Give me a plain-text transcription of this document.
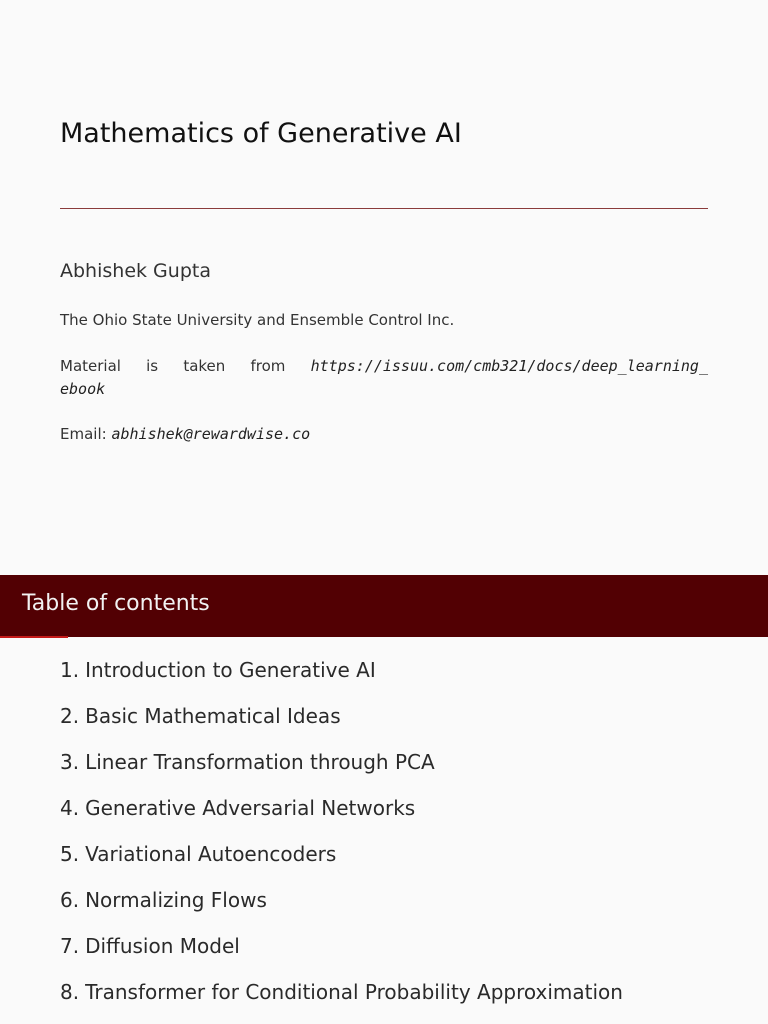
Mathematics of Generative AI
Abhishek Gupta
The Ohio State University and Ensemble Control Inc.
Material is taken from https://issuu.com/cmb321/docs/deep_learning_
ebook
Email: abhishek@rewardwise.co
Table of contents
1. Introduction to Generative AI
2. Basic Mathematical Ideas
3. Linear Transformation through PCA
4. Generative Adversarial Networks
5. Variational Autoencoders
6. Normalizing Flows
7. Diffusion Model
8. Transformer for Conditional Probability Approximation
